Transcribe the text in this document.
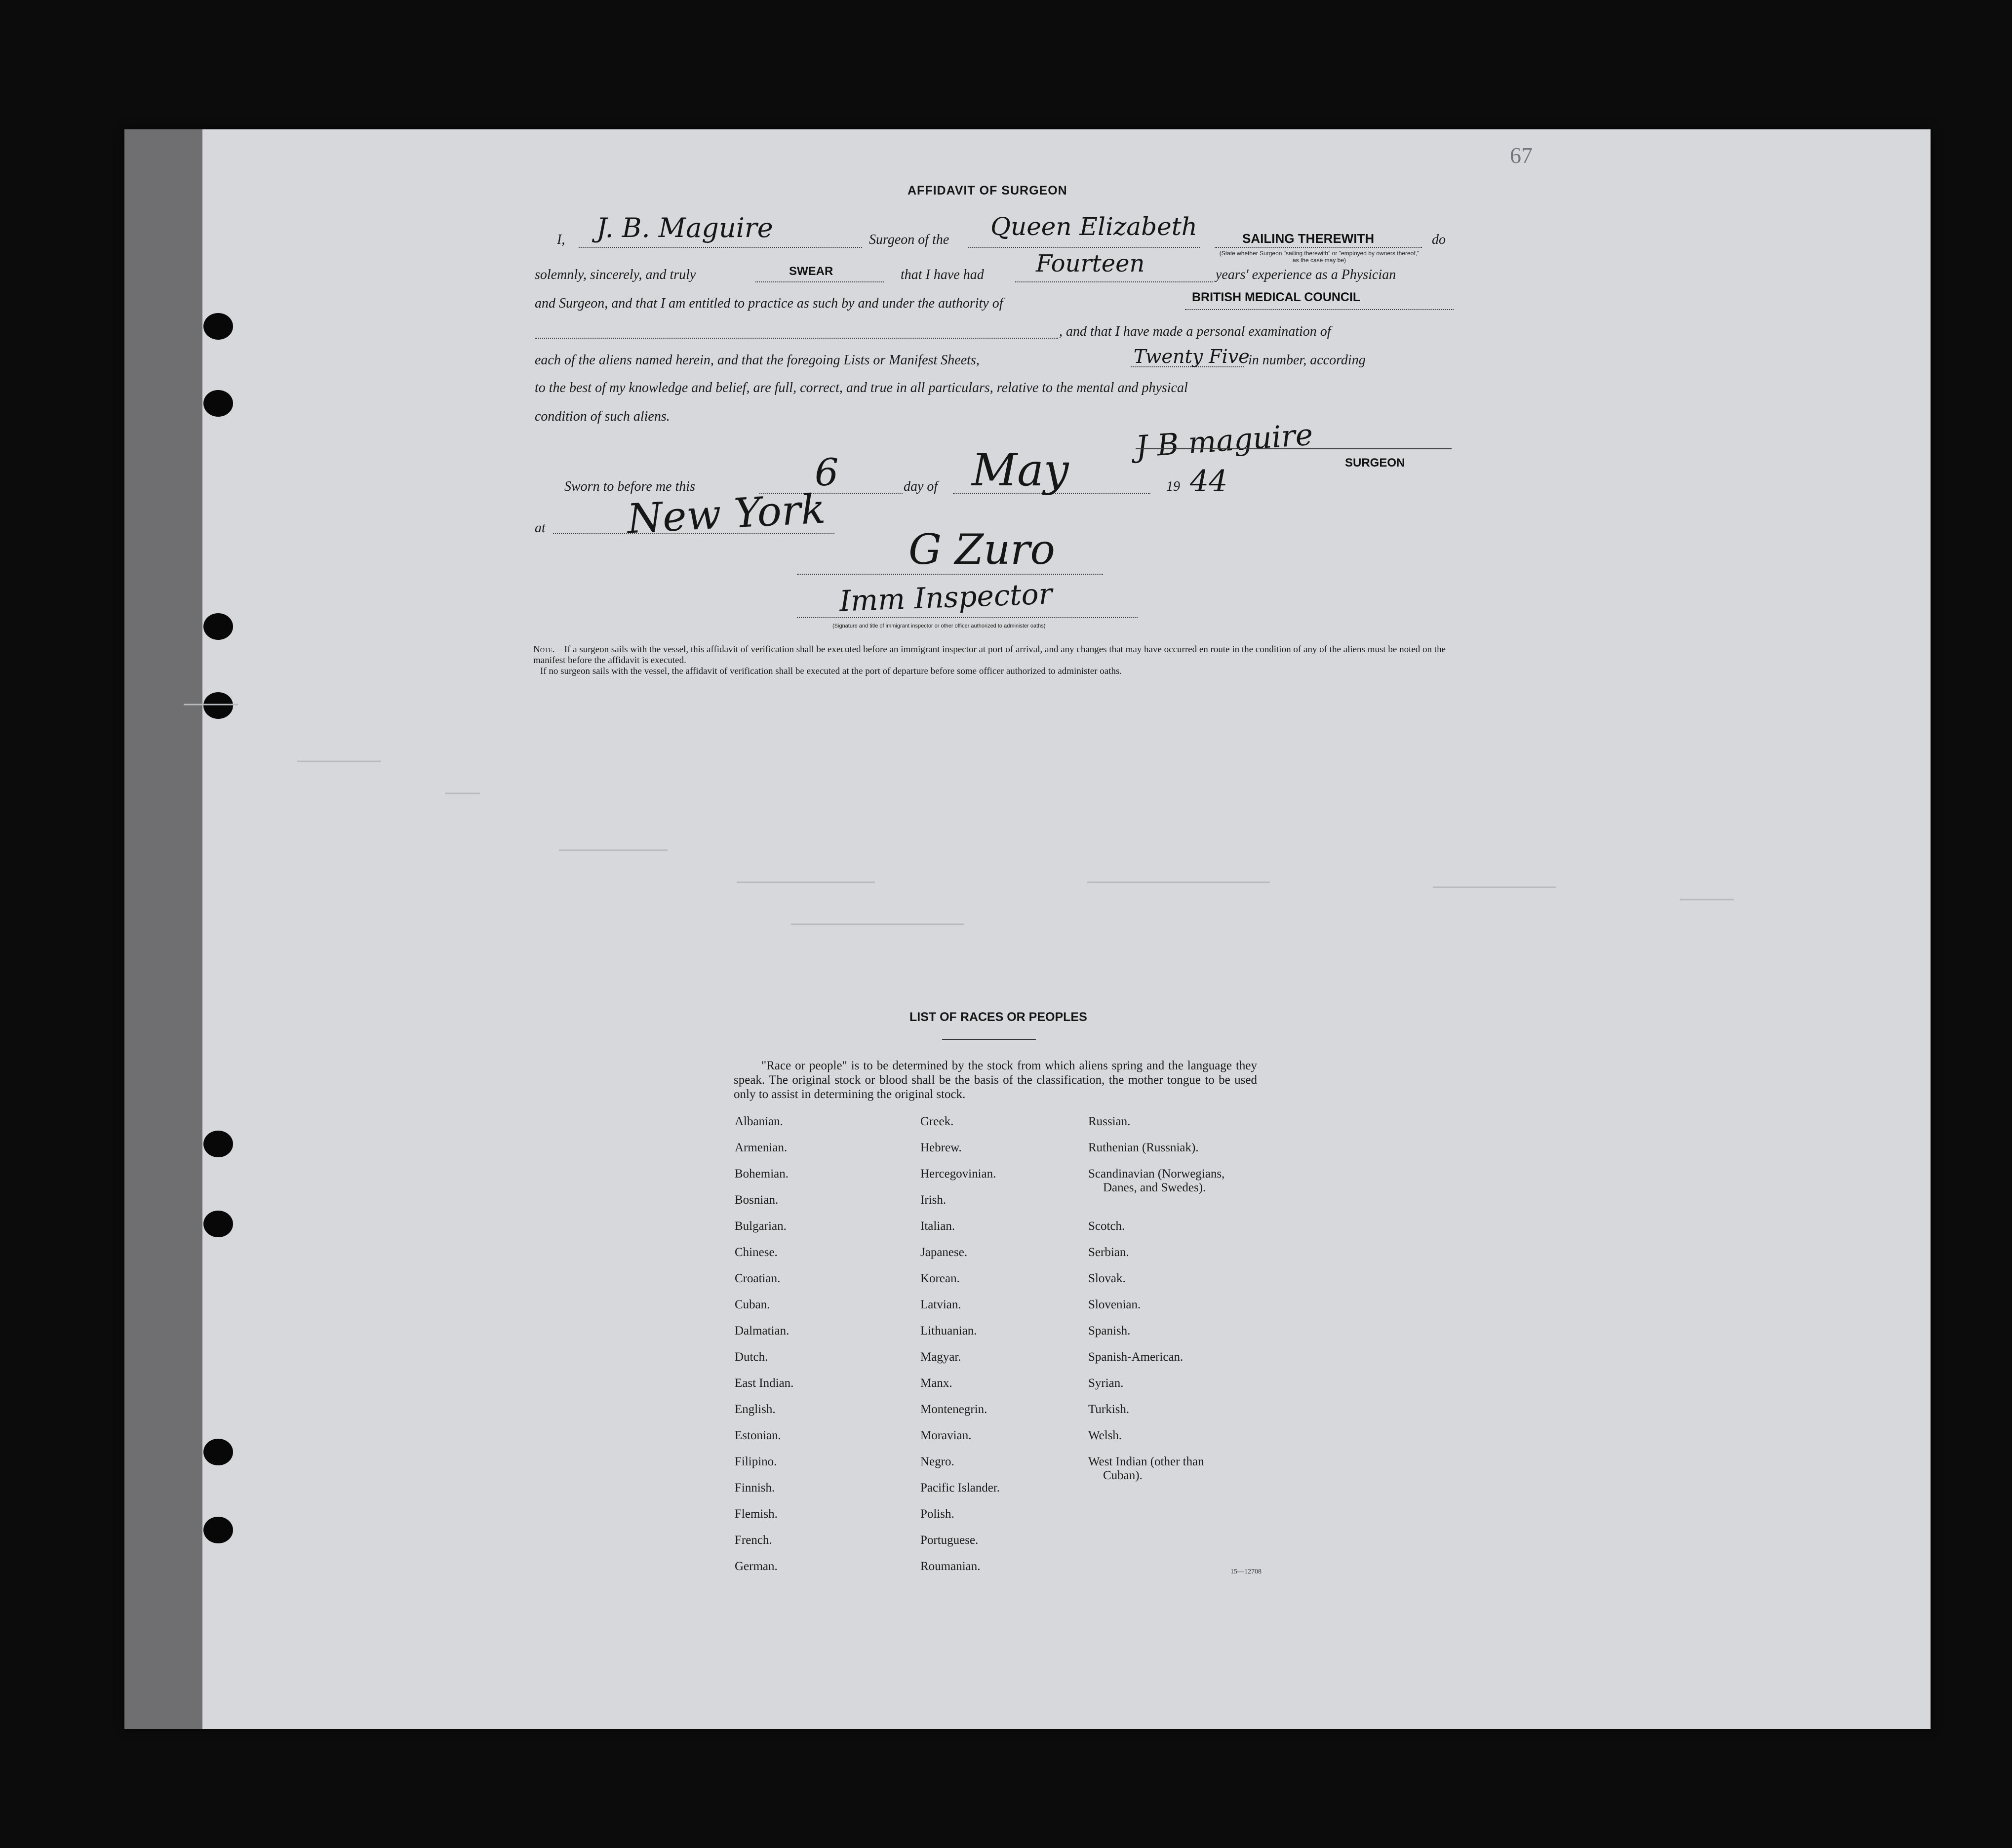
67
AFFIDAVIT OF SURGEON
I, J. B. Maguire	Surgeon of the Queen Elizabeth	SAILING THEREWITH	do
(State whether Surgeon "sailing therewith" or "employed by owners thereof," as the case may be)
solemnly, sincerely, and truly	SWEAR	that I have had Fourteen	years' experience as a Physician
and Surgeon, and that I am entitled to practice as such by and under the authority of	BRITISH MEDICAL COUNCIL
, and that I have made a personal examination of
each of the aliens named herein, and that the foregoing Lists or Manifest Sheets,	Twenty Five
in number, according
to the best of my knowledge and belief, are full, correct, and true in all particulars, relative to the mental and physical
condition of such aliens.
J B maguire	SURGEON
Sworn to before me this	6	day of May	19 44
at New York
G Zuro
Imm Inspector
(Signature and title of immigrant inspector or other officer authorized to administer oaths)
Note.—If a surgeon sails with the vessel, this affidavit of verification shall be executed before an immigrant inspector at port of arrival, and any changes that may have occurred en route in the condition of any of the aliens must be noted on the manifest before the affidavit is executed.
If no surgeon sails with the vessel, the affidavit of verification shall be executed at the port of departure before some officer authorized to administer oaths.
LIST OF RACES OR PEOPLES
"Race or people" is to be determined by the stock from which aliens spring and the language they speak. The original stock or blood shall be the basis of the classification, the mother tongue to be used only to assist in determining the original stock.
Albanian.
Armenian.
Bohemian.
Bosnian.
Bulgarian.
Chinese.
Croatian.
Cuban.
Dalmatian.
Dutch.
East Indian.
English.
Estonian.
Filipino.
Finnish.
Flemish.
French.
German.
Greek.
Hebrew.
Hercegovinian.
Irish.
Italian.
Japanese.
Korean.
Latvian.
Lithuanian.
Magyar.
Manx.
Montenegrin.
Moravian.
Negro.
Pacific Islander.
Polish.
Portuguese.
Roumanian.
Russian.
Ruthenian (Russniak).
Scandinavian (Norwegians,
Danes, and Swedes).
Scotch.
Serbian.
Slovak.
Slovenian.
Spanish.
Spanish-American.
Syrian.
Turkish.
Welsh.
West Indian (other than
Cuban).
15—12708
